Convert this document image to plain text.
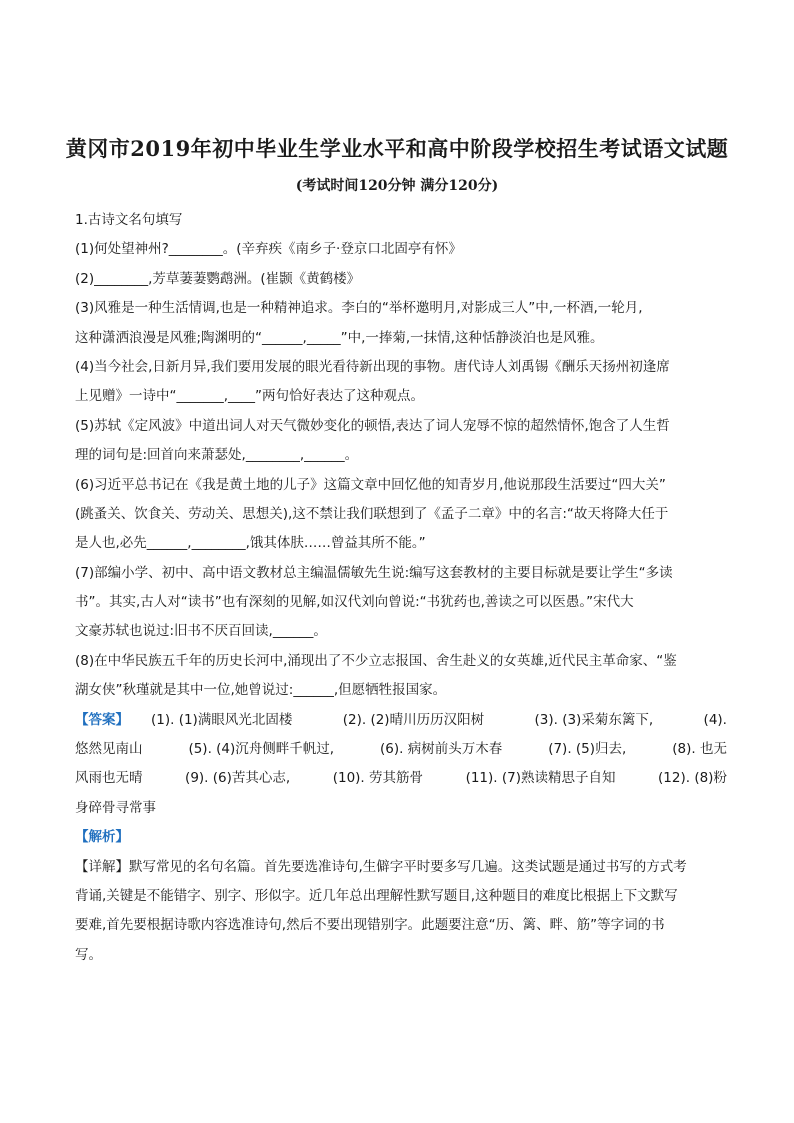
黄冈市2019年初中毕业生学业水平和高中阶段学校招生考试语文试题
(考试时间120分钟 满分120分)
1.古诗文名句填写
(1)何处望神州?________。(辛弃疾《南乡子·登京口北固亭有怀》
(2)________,芳草萋萋鹦鹉洲。(崔颢《黄鹤楼》
(3)风雅是一种生活情调,也是一种精神追求。李白的“举杯邀明月,对影成三人”中,一杯酒,一轮月,
这种潇洒浪漫是风雅;陶渊明的“______,_____”中,一捧菊,一抹情,这种恬静淡泊也是风雅。
(4)当今社会,日新月异,我们要用发展的眼光看待新出现的事物。唐代诗人刘禹锡《酬乐天扬州初逢席
上见赠》一诗中“_______,____”两句恰好表达了这种观点。
(5)苏轼《定风波》中道出词人对天气微妙变化的顿悟,表达了词人宠辱不惊的超然情怀,饱含了人生哲
理的词句是:回首向来萧瑟处,________,______。
(6)习近平总书记在《我是黄土地的儿子》这篇文章中回忆他的知青岁月,他说那段生活要过“四大关”
(跳蚤关、饮食关、劳动关、思想关),这不禁让我们联想到了《孟子二章》中的名言:“故天将降大任于
是人也,必先______,________,饿其体肤……曾益其所不能。”
(7)部编小学、初中、高中语文教材总主编温儒敏先生说:编写这套教材的主要目标就是要让学生“多读
书”。其实,古人对“读书”也有深刻的见解,如汉代刘向曾说:“书犹药也,善读之可以医愚。”宋代大
文豪苏轼也说过:旧书不厌百回读,______。
(8)在中华民族五千年的历史长河中,涌现出了不少立志报国、舍生赴义的女英雄,近代民主革命家、“鉴
湖女侠”秋瑾就是其中一位,她曾说过:______,但愿牺牲报国家。
【答案】 (1). (1)满眼风光北固楼	(2). (2)晴川历历汉阳树	(3). (3)采菊东篱下,	(4).
悠然见南山	(5). (4)沉舟侧畔千帆过,	(6). 病树前头万木春	(7). (5)归去,	(8). 也无
风雨也无晴	(9). (6)苦其心志,	(10). 劳其筋骨	(11). (7)熟读精思子自知	(12). (8)粉
身碎骨寻常事
【解析】
【详解】默写常见的名句名篇。首先要选准诗句,生僻字平时要多写几遍。这类试题是通过书写的方式考
背诵,关键是不能错字、别字、形似字。近几年总出理解性默写题目,这种题目的难度比根据上下文默写
要难,首先要根据诗歌内容选准诗句,然后不要出现错别字。此题要注意“历、篱、畔、筋”等字词的书
写。
